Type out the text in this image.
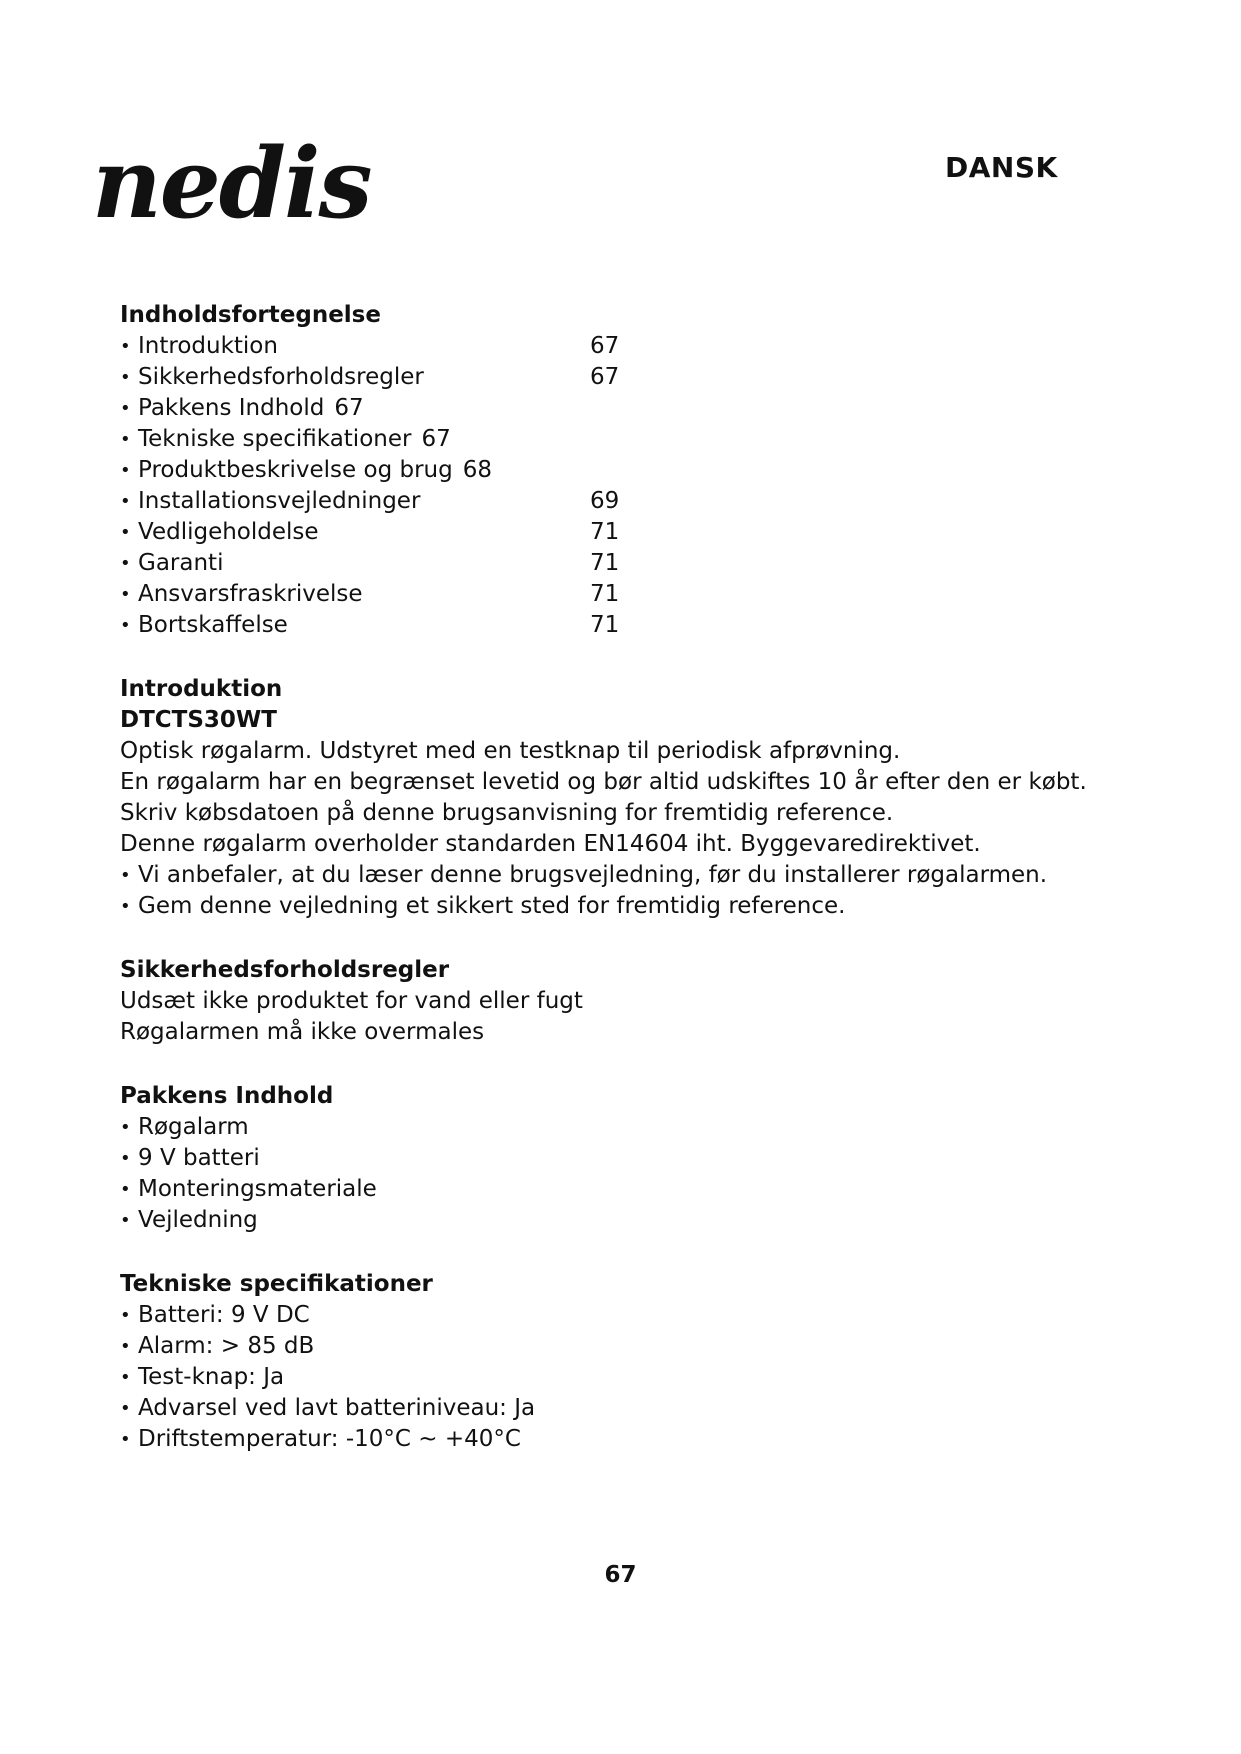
nedis	DANSK
Indholdsfortegnelse
• Introduktion	67
• Sikkerhedsforholdsregler	67
• Pakkens Indhold 67
• Tekniske specifikationer 67
• Produktbeskrivelse og brug 68
• Installationsvejledninger	69
• Vedligeholdelse	71
• Garanti	71
• Ansvarsfraskrivelse	71
• Bortskaffelse	71
Introduktion
DTCTS30WT

Optisk røgalarm. Udstyret med en testknap til periodisk afprøvning.

En røgalarm har en begrænset levetid og bør altid udskiftes 10 år efter den er købt.

Skriv købsdatoen på denne brugsanvisning for fremtidig reference.

Denne røgalarm overholder standarden EN14604 iht. Byggevaredirektivet.

• Vi anbefaler, at du læser denne brugsvejledning, før du installerer røgalarmen.
• Gem denne vejledning et sikkert sted for fremtidig reference.
Sikkerhedsforholdsregler

Udsæt ikke produktet for vand eller fugt

Røgalarmen må ikke overmales

Pakkens Indhold
• Røgalarm
• 9 V batteri
• Monteringsmateriale
• Vejledning
Tekniske specifikationer
• Batteri: 9 V DC
• Alarm: > 85 dB
• Test-knap: Ja
• Advarsel ved lavt batteriniveau: Ja
• Driftstemperatur: -10°C ~ +40°C
67
